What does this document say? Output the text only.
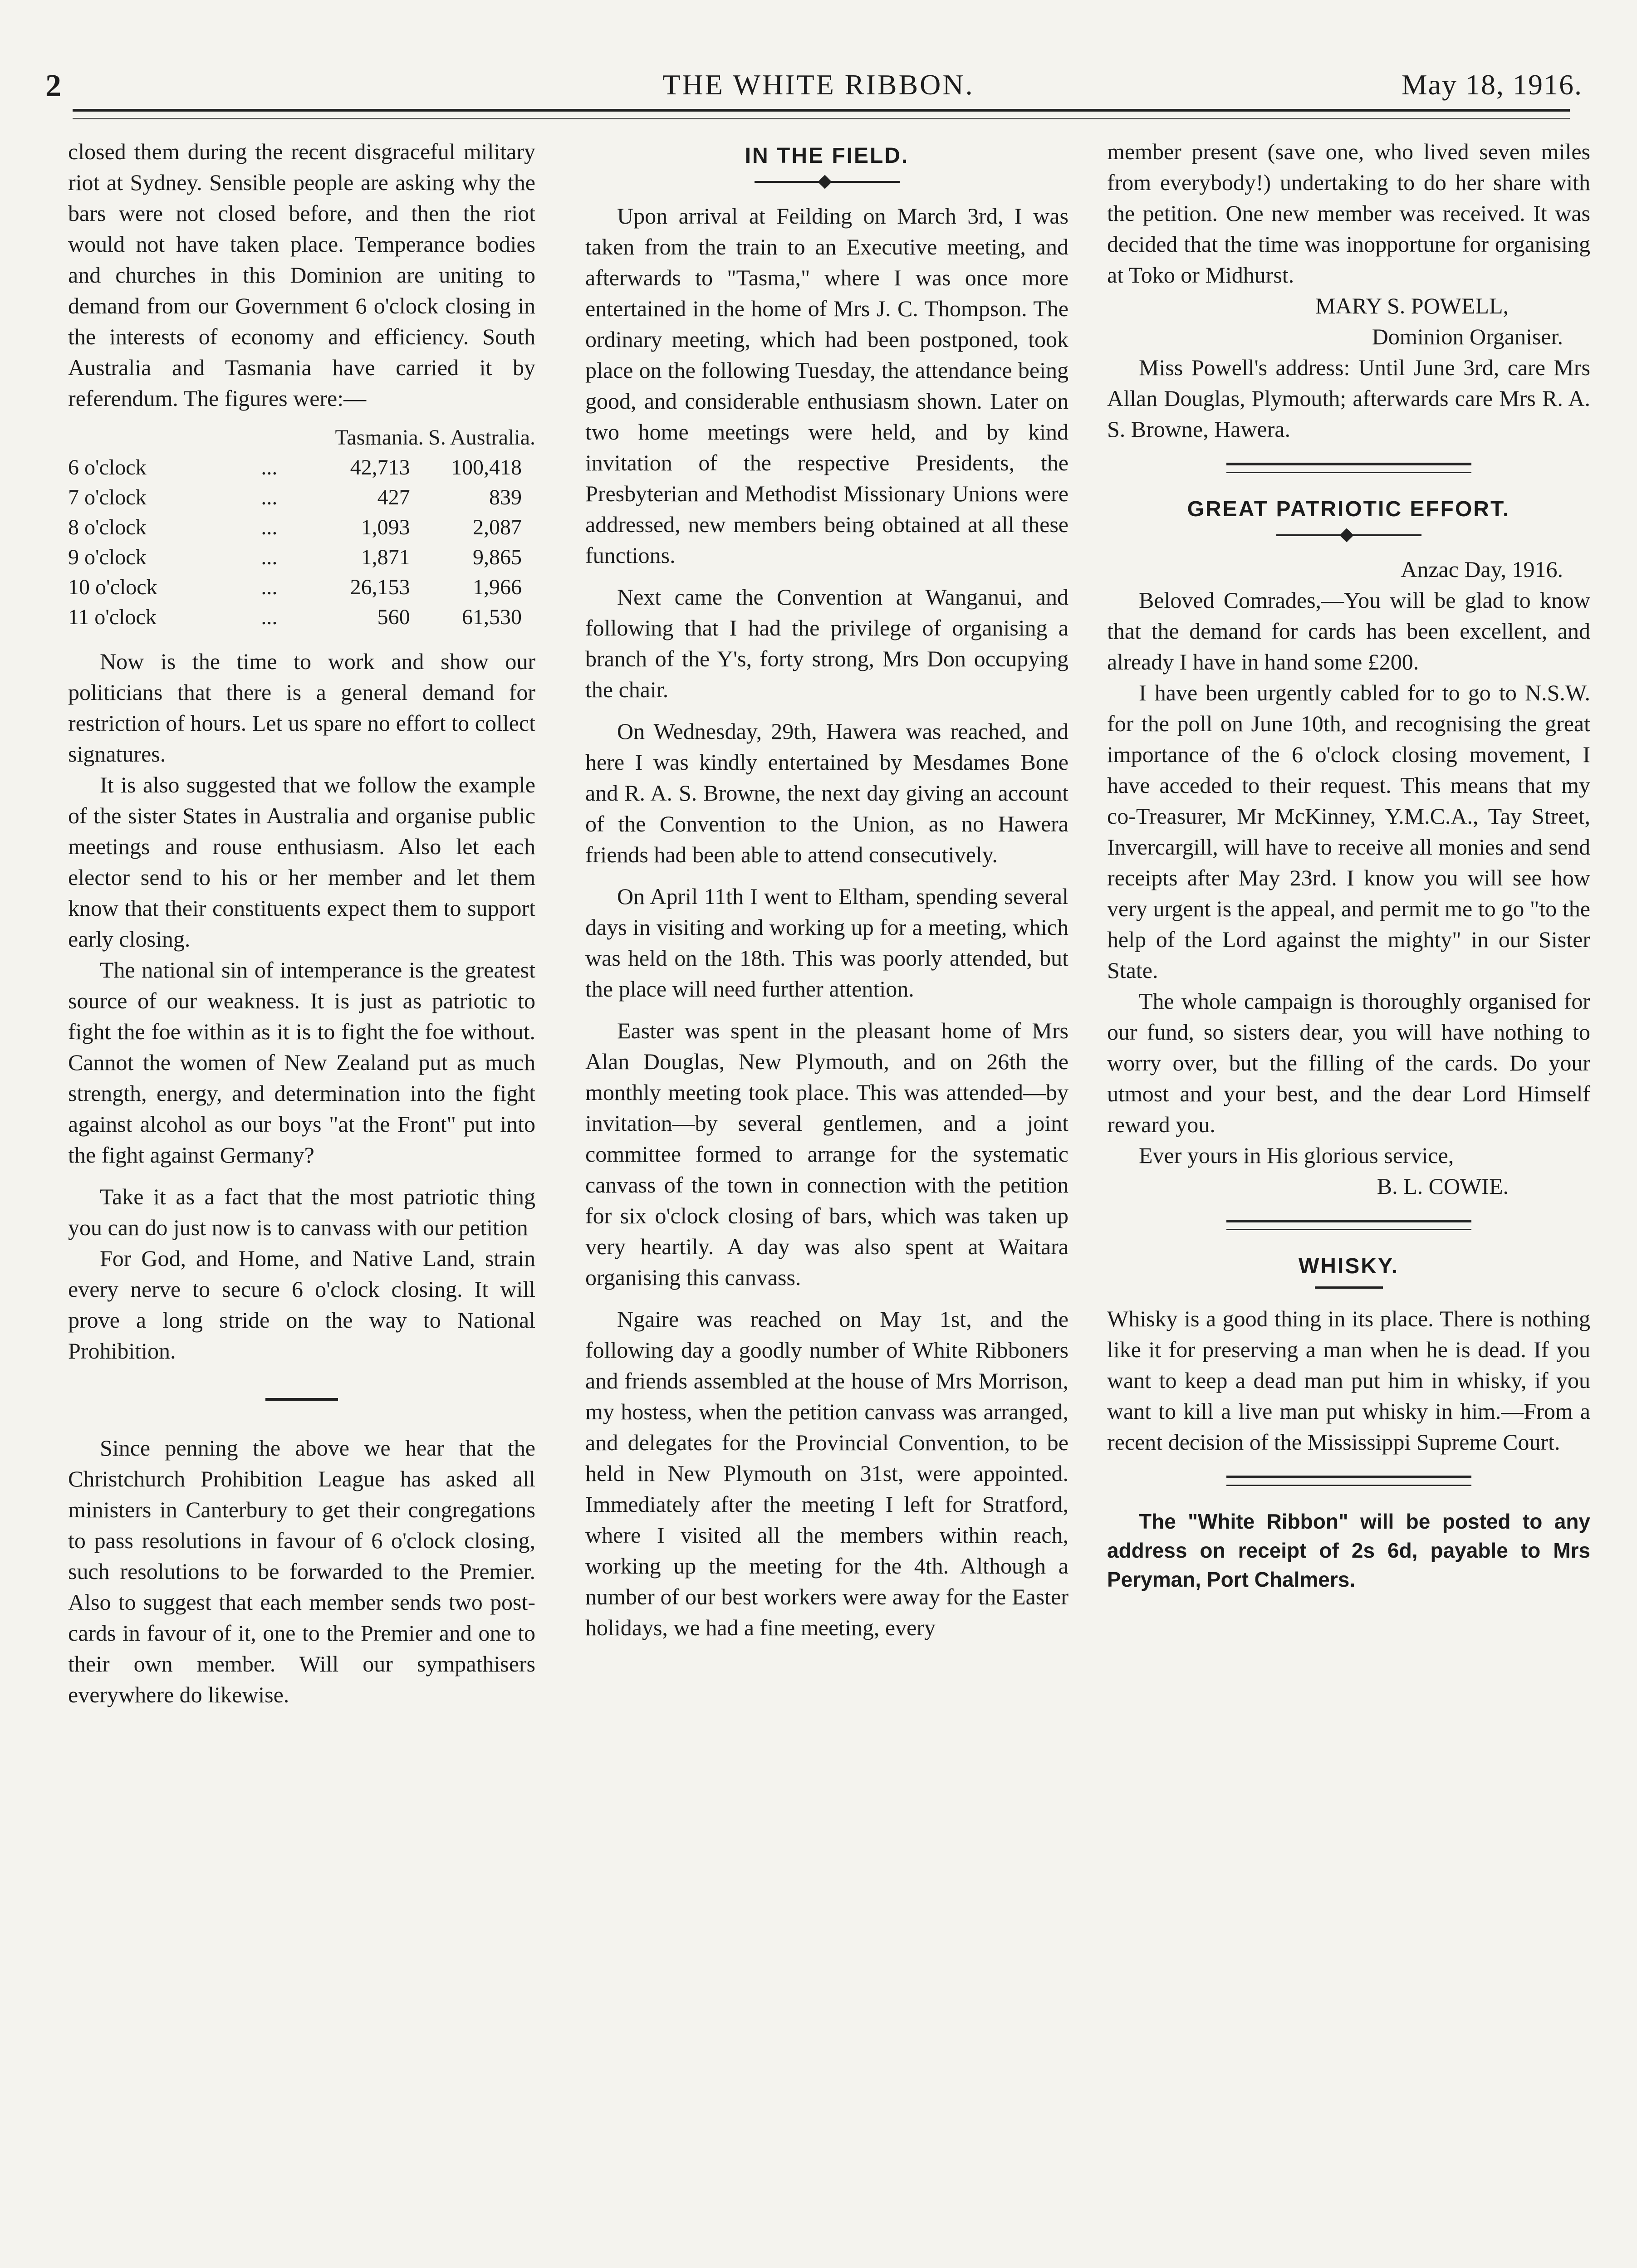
2	THE WHITE RIBBON.	May 18, 1916.

closed them during the recent disgraceful military riot at Sydney. Sensible people are asking why the bars were not closed before, and then the riot would not have taken place. Temperance bodies and churches in this Dominion are uniting to demand from our Government 6 o'clock closing in the interests of economy and efficiency. South Australia and Tasmania have carried it by referendum. The figures were:—

		Tasmania.	S. Australia.
6 o'clock	...	42,713	100,418
7 o'clock	...	427	839
8 o'clock	...	1,093	2,087
9 o'clock	...	1,871	9,865
10 o'clock	...	26,153	1,966
11 o'clock	...	560	61,530

Now is the time to work and show our politicians that there is a general demand for restriction of hours. Let us spare no effort to collect signatures.

It is also suggested that we follow the example of the sister States in Australia and organise public meetings and rouse enthusiasm. Also let each elector send to his or her member and let them know that their constituents expect them to support early closing.

The national sin of intemperance is the greatest source of our weakness. It is just as patriotic to fight the foe within as it is to fight the foe without. Cannot the women of New Zealand put as much strength, energy, and determination into the fight against alcohol as our boys "at the Front" put into the fight against Germany?

Take it as a fact that the most patriotic thing you can do just now is to canvass with our petition

For God, and Home, and Native Land, strain every nerve to secure 6 o'clock closing. It will prove a long stride on the way to National Prohibition.

Since penning the above we hear that the Christchurch Prohibition League has asked all ministers in Canterbury to get their congregations to pass resolutions in favour of 6 o'clock closing, such resolutions to be forwarded to the Premier. Also to suggest that each member sends two post-cards in favour of it, one to the Premier and one to their own member. Will our sympathisers everywhere do likewise.

IN THE FIELD.

Upon arrival at Feilding on March 3rd, I was taken from the train to an Executive meeting, and afterwards to "Tasma," where I was once more entertained in the home of Mrs J. C. Thompson. The ordinary meeting, which had been postponed, took place on the following Tuesday, the attendance being good, and considerable enthusiasm shown. Later on two home meetings were held, and by kind invitation of the respective Presidents, the Presbyterian and Methodist Missionary Unions were addressed, new members being obtained at all these functions.

Next came the Convention at Wanganui, and following that I had the privilege of organising a branch of the Y's, forty strong, Mrs Don occupying the chair.

On Wednesday, 29th, Hawera was reached, and here I was kindly entertained by Mesdames Bone and R. A. S. Browne, the next day giving an account of the Convention to the Union, as no Hawera friends had been able to attend consecutively.

On April 11th I went to Eltham, spending several days in visiting and working up for a meeting, which was held on the 18th. This was poorly attended, but the place will need further attention.

Easter was spent in the pleasant home of Mrs Alan Douglas, New Plymouth, and on 26th the monthly meeting took place. This was attended—by invitation—by several gentlemen, and a joint committee formed to arrange for the systematic canvass of the town in connection with the petition for six o'clock closing of bars, which was taken up very heartily. A day was also spent at Waitara organising this canvass.

Ngaire was reached on May 1st, and the following day a goodly number of White Ribboners and friends assembled at the house of Mrs Morrison, my hostess, when the petition canvass was arranged, and delegates for the Provincial Convention, to be held in New Plymouth on 31st, were appointed. Immediately after the meeting I left for Stratford, where I visited all the members within reach, working up the meeting for the 4th. Although a number of our best workers were away for the Easter holidays, we had a fine meeting, every

member present (save one, who lived seven miles from everybody!) undertaking to do her share with the petition. One new member was received. It was decided that the time was inopportune for organising at Toko or Midhurst.

MARY S. POWELL,

Dominion Organiser.

Miss Powell's address: Until June 3rd, care Mrs Allan Douglas, Plymouth; afterwards care Mrs R. A. S. Browne, Hawera.

GREAT PATRIOTIC EFFORT.

Anzac Day, 1916.

Beloved Comrades,—You will be glad to know that the demand for cards has been excellent, and already I have in hand some £200.

I have been urgently cabled for to go to N.S.W. for the poll on June 10th, and recognising the great importance of the 6 o'clock closing movement, I have acceded to their request. This means that my co-Treasurer, Mr McKinney, Y.M.C.A., Tay Street, Invercargill, will have to receive all monies and send receipts after May 23rd. I know you will see how very urgent is the appeal, and permit me to go "to the help of the Lord against the mighty" in our Sister State.

The whole campaign is thoroughly organised for our fund, so sisters dear, you will have nothing to worry over, but the filling of the cards. Do your utmost and your best, and the dear Lord Himself reward you.

Ever yours in His glorious service,

B. L. COWIE.

WHISKY.

Whisky is a good thing in its place. There is nothing like it for preserving a man when he is dead. If you want to keep a dead man put him in whisky, if you want to kill a live man put whisky in him.—From a recent decision of the Mississippi Supreme Court.

The "White Ribbon" will be posted to any address on receipt of 2s 6d, payable to Mrs Peryman, Port Chalmers.
